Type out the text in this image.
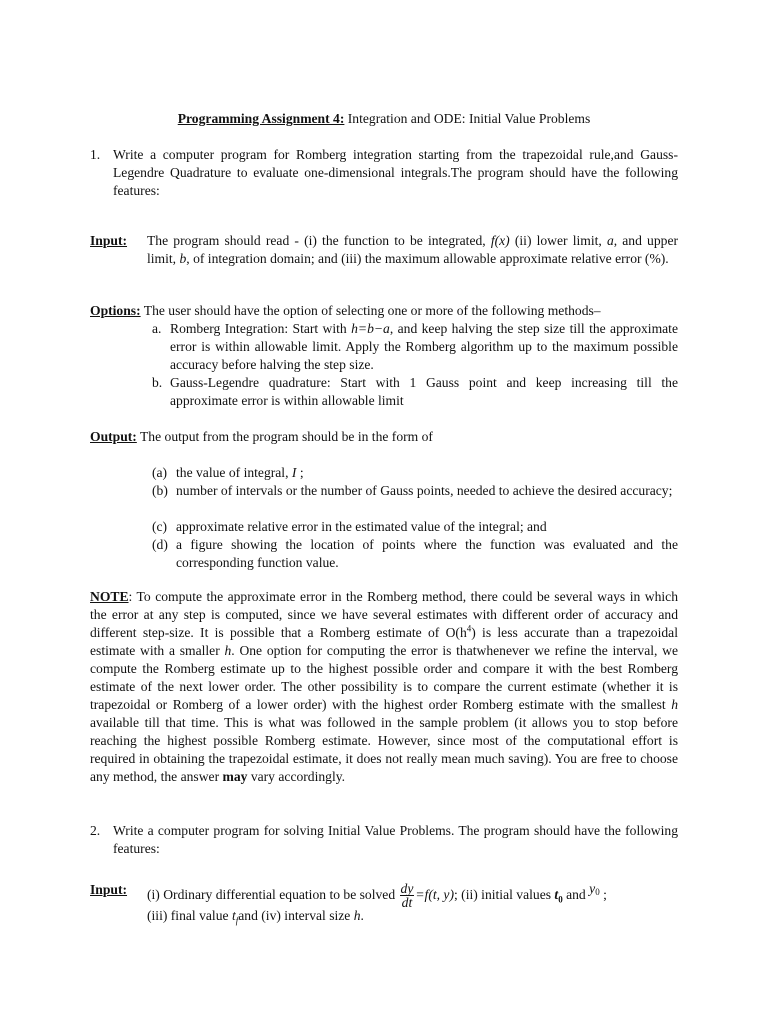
Programming Assignment 4: Integration and ODE: Initial Value Problems
1. Write a computer program for Romberg integration starting from the trapezoidal rule,and Gauss-Legendre Quadrature to evaluate one-dimensional integrals.The program should have the following features:
Input: The program should read - (i) the function to be integrated, f(x) (ii) lower limit, a, and upper limit, b, of integration domain; and (iii) the maximum allowable approximate relative error (%).
Options: The user should have the option of selecting one or more of the following methods–
a. Romberg Integration: Start with h=b−a, and keep halving the step size till the approximate error is within allowable limit. Apply the Romberg algorithm up to the maximum possible accuracy before halving the step size.
b. Gauss-Legendre quadrature: Start with 1 Gauss point and keep increasing till the approximate error is within allowable limit
Output: The output from the program should be in the form of
(a) the value of integral, I ;
(b) number of intervals or the number of Gauss points, needed to achieve the desired accuracy;
(c) approximate relative error in the estimated value of the integral; and
(d) a figure showing the location of points where the function was evaluated and the corresponding function value.
NOTE: To compute the approximate error in the Romberg method, there could be several ways in which the error at any step is computed, since we have several estimates with different order of accuracy and different step-size. It is possible that a Romberg estimate of $O(h^4)$ is less accurate than a trapezoidal estimate with a smaller h. One option for computing the error is thatwhenever we refine the interval, we compute the Romberg estimate up to the highest possible order and compare it with the best Romberg estimate of the next lower order. The other possibility is to compare the current estimate (whether it is trapezoidal or Romberg of a lower order) with the highest order Romberg estimate with the smallest h available till that time. This is what was followed in the sample problem (it allows you to stop before reaching the highest possible Romberg estimate. However, since most of the computational effort is required in obtaining the trapezoidal estimate, it does not really mean much saving). You are free to choose any method, the answer may vary accordingly.
2. Write a computer program for solving Initial Value Problems. The program should have the following features:
Input: (i) Ordinary differential equation to be solved $\frac{dy}{dt} =f(t$, y); (ii) initial values $t_0$ and $y_0$ ;
(iii) final value $t_fand$ (iv) interval size h.
